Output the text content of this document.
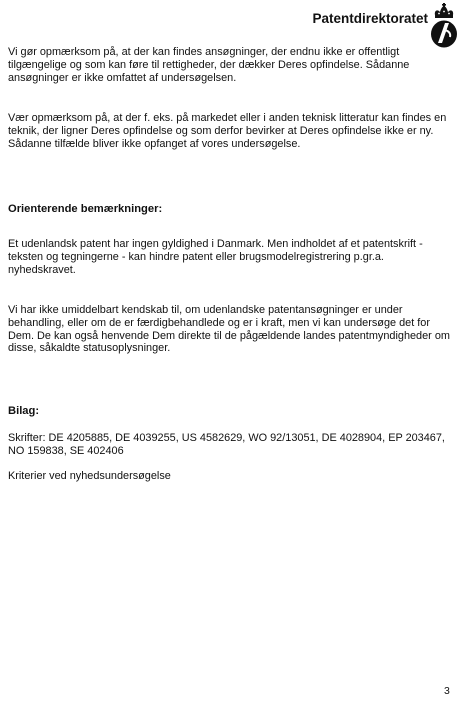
Patentdirektoratet

Vi gør opmærksom på, at der kan findes ansøgninger, der endnu ikke er offentligt tilgængelige og som kan føre til rettigheder, der dækker Deres opfindelse. Sådanne ansøgninger er ikke omfattet af undersøgelsen.

Vær opmærksom på, at der f. eks. på markedet eller i anden teknisk litteratur kan findes en teknik, der ligner Deres opfindelse og som derfor bevirker at Deres opfindelse ikke er ny. Sådanne tilfælde bliver ikke opfanget af vores undersøgelse.

Orienterende bemærkninger:

Et udenlandsk patent har ingen gyldighed i Danmark. Men indholdet af et patentskrift - teksten og tegningerne - kan hindre patent eller brugsmodelregistrering p.gr.a. nyhedskravet.

Vi har ikke umiddelbart kendskab til, om udenlandske patentansøgninger er under behandling, eller om de er færdigbehandlede og er i kraft, men vi kan undersøge det for Dem. De kan også henvende Dem direkte til de pågældende landes patentmyndigheder om disse, såkaldte statusoplysninger.

Bilag:

Skrifter: DE 4205885, DE 4039255, US 4582629, WO 92/13051, DE 4028904, EP 203467, NO 159838, SE 402406

Kriterier ved nyhedsundersøgelse

3
